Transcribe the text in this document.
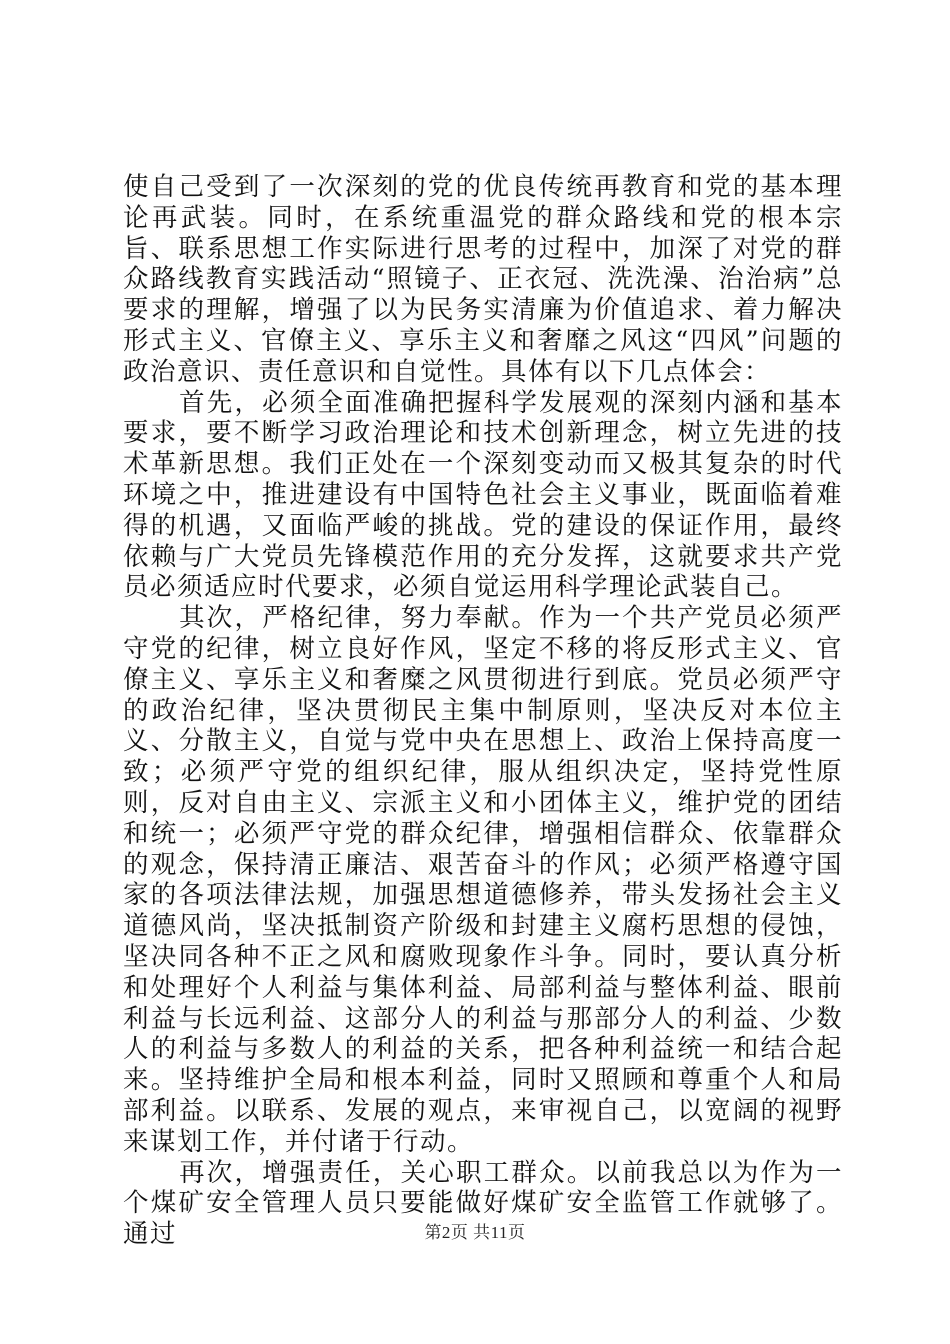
使自己受到了一次深刻的党的优良传统再教育和党的基本理论再武装。同时，在系统重温党的群众路线和党的根本宗旨、联系思想工作实际进行思考的过程中，加深了对党的群众路线教育实践活动“照镜子、正衣冠、洗洗澡、治治病”总要求的理解，增强了以为民务实清廉为价值追求、着力解决形式主义、官僚主义、享乐主义和奢靡之风这“四风”问题的政治意识、责任意识和自觉性。具体有以下几点体会：

首先，必须全面准确把握科学发展观的深刻内涵和基本要求，要不断学习政治理论和技术创新理念，树立先进的技术革新思想。我们正处在一个深刻变动而又极其复杂的时代环境之中，推进建设有中国特色社会主义事业，既面临着难得的机遇，又面临严峻的挑战。党的建设的保证作用，最终依赖与广大党员先锋模范作用的充分发挥，这就要求共产党员必须适应时代要求，必须自觉运用科学理论武装自己。

其次，严格纪律，努力奉献。作为一个共产党员必须严守党的纪律，树立良好作风，坚定不移的将反形式主义、官僚主义、享乐主义和奢糜之风贯彻进行到底。党员必须严守的政治纪律，坚决贯彻民主集中制原则，坚决反对本位主义、分散主义，自觉与党中央在思想上、政治上保持高度一致；必须严守党的组织纪律，服从组织决定，坚持党性原则，反对自由主义、宗派主义和小团体主义，维护党的团结和统一；必须严守党的群众纪律，增强相信群众、依靠群众的观念，保持清正廉洁、艰苦奋斗的作风；必须严格遵守国家的各项法律法规，加强思想道德修养，带头发扬社会主义道德风尚，坚决抵制资产阶级和封建主义腐朽思想的侵蚀，坚决同各种不正之风和腐败现象作斗争。同时，要认真分析和处理好个人利益与集体利益、局部利益与整体利益、眼前利益与长远利益、这部分人的利益与那部分人的利益、少数人的利益与多数人的利益的关系，把各种利益统一和结合起来。坚持维护全局和根本利益，同时又照顾和尊重个人和局部利益。以联系、发展的观点，来审视自己，以宽阔的视野来谋划工作，并付诸于行动。

再次，增强责任，关心职工群众。以前我总以为作为一个煤矿安全管理人员只要能做好煤矿安全监管工作就够了。通过	第2页 共11页
